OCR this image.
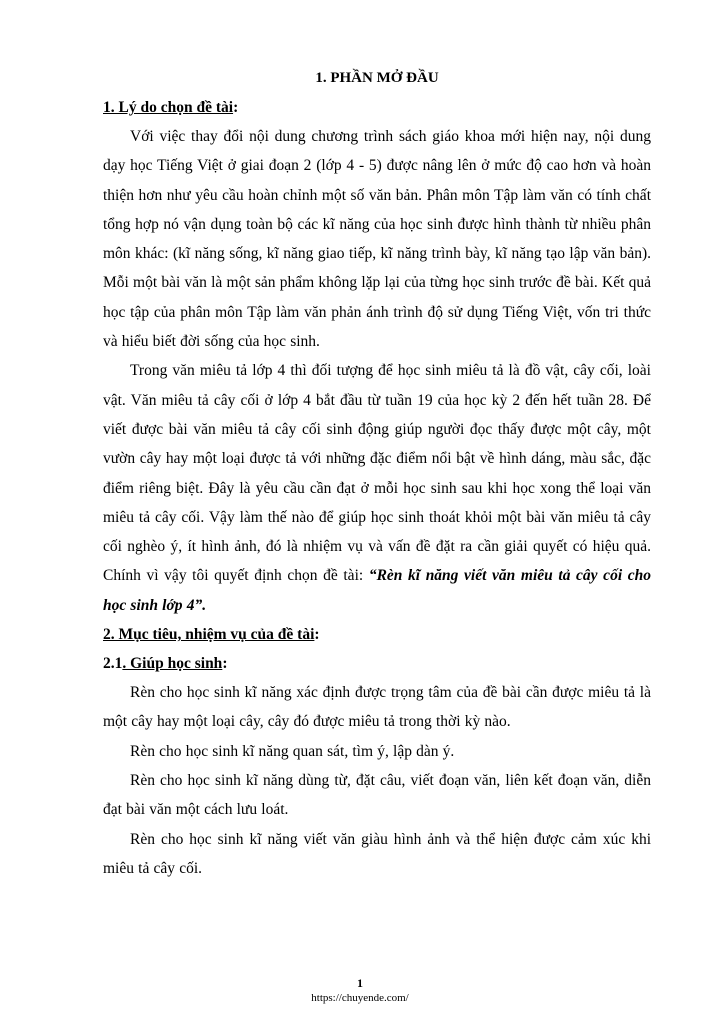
1. PHẦN MỞ ĐẦU
1. Lý do chọn đề tài:

Với việc thay đổi nội dung chương trình sách giáo khoa mới hiện nay, nội dung dạy học Tiếng Việt ở giai đoạn 2 (lớp 4 - 5) được nâng lên ở mức độ cao hơn và hoàn thiện hơn như yêu cầu hoàn chỉnh một số văn bản. Phân môn Tập làm văn có tính chất tổng hợp nó vận dụng toàn bộ các kĩ năng của học sinh được hình thành từ nhiều phân môn khác: (kĩ năng sống, kĩ năng giao tiếp, kĩ năng trình bày, kĩ năng tạo lập văn bản). Mỗi một bài văn là một sản phẩm không lặp lại của từng học sinh trước đề bài. Kết quả học tập của phân môn Tập làm văn phản ánh trình độ sử dụng Tiếng Việt, vốn tri thức và hiểu biết đời sống của học sinh.

Trong văn miêu tả lớp 4 thì đối tượng để học sinh miêu tả là đồ vật, cây cối, loài vật. Văn miêu tả cây cối ở lớp 4 bắt đầu từ tuần 19 của học kỳ 2 đến hết tuần 28. Để viết được bài văn miêu tả cây cối sinh động giúp người đọc thấy được một cây, một vườn cây hay một loại được tả với những đặc điểm nổi bật về hình dáng, màu sắc, đặc điểm riêng biệt. Đây là yêu cầu cần đạt ở mỗi học sinh sau khi học xong thể loại văn miêu tả cây cối. Vậy làm thế nào để giúp học sinh thoát khỏi một bài văn miêu tả cây cối nghèo ý, ít hình ảnh, đó là nhiệm vụ và vấn đề đặt ra cần giải quyết có hiệu quả. Chính vì vậy tôi quyết định chọn đề tài: “Rèn kĩ năng viết văn miêu tả cây cối cho học sinh lớp 4”.

2. Mục tiêu, nhiệm vụ của đề tài:
2.1. Giúp học sinh:

Rèn cho học sinh kĩ năng xác định được trọng tâm của đề bài cần được miêu tả là một cây hay một loại cây, cây đó được miêu tả trong thời kỳ nào.

Rèn cho học sinh kĩ năng quan sát, tìm ý, lập dàn ý.

Rèn cho học sinh kĩ năng dùng từ, đặt câu, viết đoạn văn, liên kết đoạn văn, diễn đạt bài văn một cách lưu loát.

Rèn cho học sinh kĩ năng viết văn giàu hình ảnh và thể hiện được cảm xúc khi miêu tả cây cối.

1
https://chuyende.com/
